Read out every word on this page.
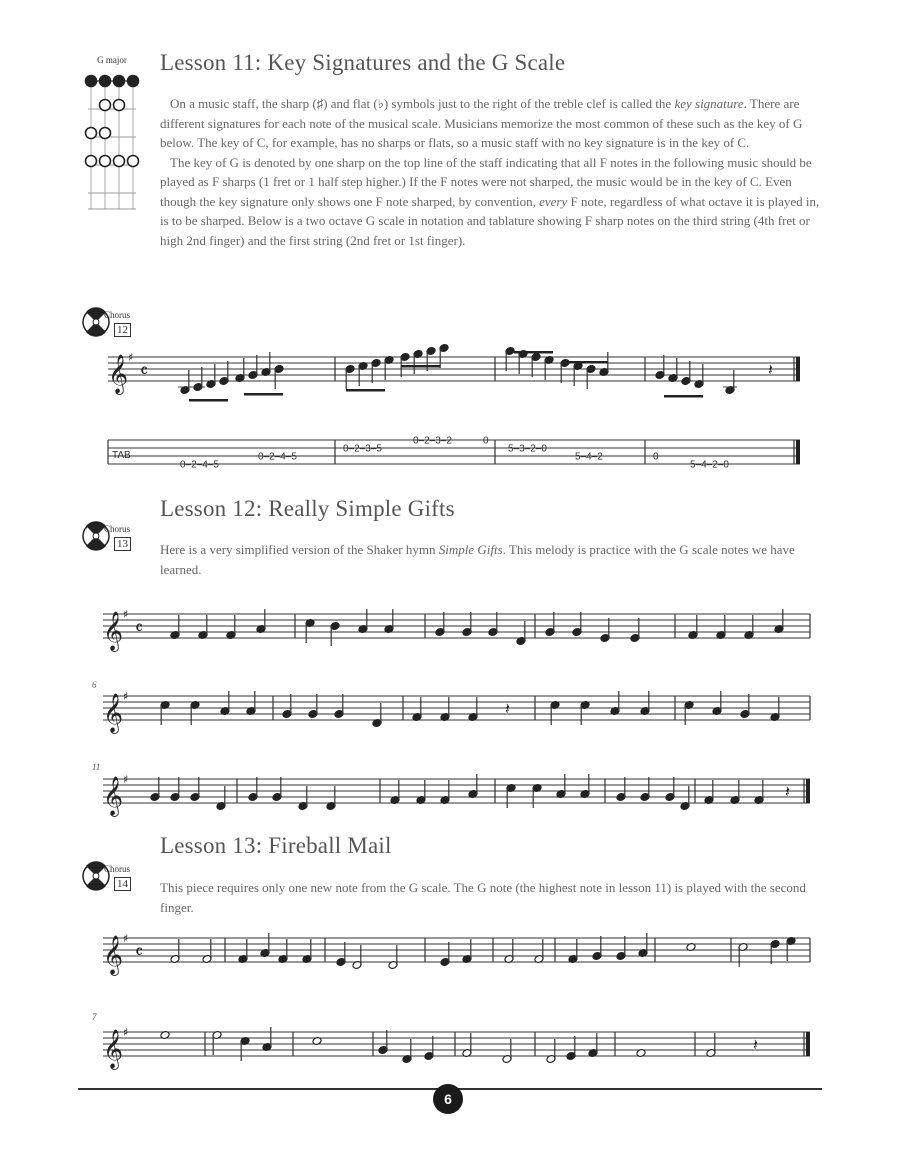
G major	Lesson 11: Key Signatures and the G Scale

On a music staff, the sharp (♯) and flat (♭) symbols just to the right of the treble clef is called the key signature. There are different signatures for each note of the musical scale. Musicians memorize the most common of these such as the key of G below. The key of C, for example, has no sharps or flats, so a music staff with no key signature is in the key of C.

The key of G is denoted by one sharp on the top line of the staff indicating that all F notes in the following music should be played as F sharps (1 fret or 1 half step higher.) If the F notes were not sharped, the music would be in the key of C. Even though the key signature only shows one F note sharped, by convention, every F note, regardless of what octave it is played in, is to be sharped. Below is a two octave G scale in notation and tablature showing F sharp notes on the third string (4th fret or high 2nd finger) and the first string (2nd fret or 1st finger).

Chorus
12
𝄞 ♯
𝄴	𝄽
TAB
0–2–4–5
0–2–4–5
0–2–3–5
0–2–3–2	0
5–3–2–0
5–4–2	0
5–4–2–0
Lesson 12: Really Simple Gifts
Chorus
13 Here is a very simplified version of the Shaker hymn Simple Gifts. This melody is practice with the G scale notes we have learned.
𝄞 ♯
𝄴
𝄞 ♯
𝄽
𝄞 ♯
𝄽
6
11
Lesson 13: Fireball Mail
Chorus
14 This piece requires only one new note from the G scale. The G note (the highest note in lesson 11) is played with the second finger.
𝄞 ♯
𝄴
𝄞 ♯
𝄽
7
6
